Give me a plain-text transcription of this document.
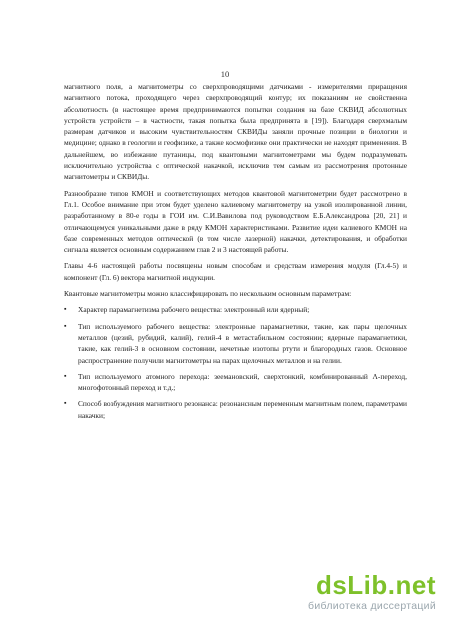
10

магнитного поля, а магнитометры со сверхпроводящими датчиками - измерителями приращения магнитного потока, проходящего через сверхпроводящий контур; их показаниям не свойственна абсолютность (в настоящее время предпринимаются попытки создания на базе СКВИД абсолютных устройств устройств – в частности, такая попытка была предпринята в [19]). Благодаря сверхмалым размерам датчиков и высоким чувствительностям СКВИДы заняли прочные позиции в биологии и медицине; однако в геологии и геофизике, а также космофизике они практически не находят применения. В дальнейшем, во избежание путаницы, под квантовыми магнитометрами мы будем подразумевать исключительно устройства с оптической накачкой, исключив тем самым из рассмотрения протонные магнитометры и СКВИДы.

Разнообразие типов КМОН и соответствующих методов квантовой магнитометрии будет рассмотрено в Гл.1. Особое внимание при этом будет уделено калиевому магнитометру на узкой изолированной линии, разработанному в 80-е годы в ГОИ им. С.И.Вавилова под руководством Е.Б.Александрова [20, 21] и отличающемуся уникальными даже в ряду КМОН характеристиками. Развитие идеи калиевого КМОН на базе современных методов оптической (в том числе лазерной) накачки, детектирования, и обработки сигнала является основным содержанием глав 2 и 3 настоящей работы.

Главы 4-6 настоящей работы посвящены новым способам и средствам измерения модуля (Гл.4-5) и компонент (Гл. 6) вектора магнитной индукции.

Квантовые магнитометры можно классифицировать по нескольким основным параметрам:

▪ Характер парамагнетизма рабочего вещества: электронный или ядерный;
▪ Тип используемого рабочего вещества: электронные парамагнетики, такие, как пары щелочных металлов (цезий, рубидий, калий), гелий-4 в метастабильном состоянии; ядерные парамагнетики, такие, как гелий-3 в основном состоянии, нечетные изотопы ртути и благородных газов. Основное распространение получили магнитометры на парах щелочных металлов и на гелии.
▪ Тип используемого атомного перехода: зеемановский, сверхтонкий, комбинированный Λ-переход, многофотонный переход и т.д.;
▪ Способ возбуждения магнитного резонанса: резонансным переменным магнитным полем, параметрами накачки;
dsLib.net
библиотека диссертаций
